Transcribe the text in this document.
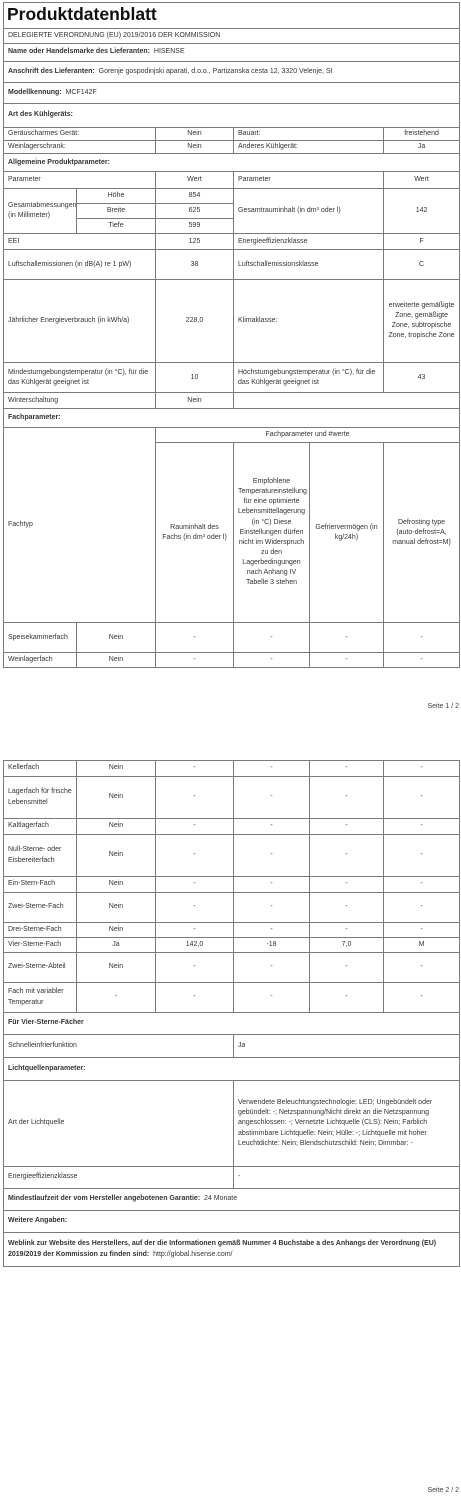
Produktdatenblatt					
DELEGIERTE VERORDNUNG (EU) 2019/2016 DER KOMMISSION					
Name oder Handelsmarke des Lieferanten: HISENSE					
Anschrift des Lieferanten: Gorenje gospodinjski aparati, d.o.o., Partizanska cesta 12, 3320 Velenje, SI					
Modellkennung: MCF142F					
Art des Kühlgeräts:					
Geräuscharmes Gerät:		Nein	Bauart:		freistehend
Weinlagerschrank:		Nein	Anderes Kühlgerät:		Ja
Allgemeine Produktparameter:					
Parameter		Wert	Parameter		Wert
Gesamtabmessungen (in Millimeter)	Höhe	854	Gesamtrauminhalt (in dm³ oder l)		142
	Breite	625			
	Tiefe	599			
EEI		125	Energieeffizienzklasse		F
Luftschallemissionen (in dB(A) re 1 pW)		38	Luftschallemissionsklasse		C
Jährlicher Energieverbrauch (in kWh/a)		228,0	Klimaklasse:		erweiterte gemäßigte Zone, gemäßigte Zone, subtropische Zone, tropische Zone
Mindestumgebungstemperatur (in °C), für die das Kühlgerät geeignet ist		10	Höchstumgebungstemperatur (in °C), für die das Kühlgerät geeignet ist		43
Winterschaltung		Nein			
Fachparameter:					
Fachtyp		Fachparameter und #werte			
		Rauminhalt des Fachs (in dm³ oder l)	Empfohlene Temperatureinstellung für eine optimierte Lebensmittellagerung (in °C) Diese Einstellungen dürfen nicht im Widerspruch zu den Lagerbedingungen nach Anhang IV Tabelle 3 stehen	Gefriervermögen (in kg/24h)	Defrosting type (auto-defrost=A, manual defrost=M)
Speisekammerfach	Nein	-	-	-	-
Weinlagerfach	Nein	-	-	-	-
Seite 1 / 2
Kellerfach	Nein	-	-	-	-
Lagerfach für frische Lebensmittel	Nein	-	-	-	-
Kaltlagerfach	Nein	-	-	-	-
Null-Sterne- oder Eisbereiterfach	Nein	-	-	-	-
Ein-Stern-Fach	Nein	-	-	-	-
Zwei-Sterne-Fach	Nein	-	-	-	-
Drei-Sterne-Fach	Nein	-	-	-	-
Vier-Sterne-Fach	Ja	142,0	-18	7,0	M
Zwei-Sterne-Abteil	Nein	-	-	-	-
Fach mit variabler Temperatur	-	-	-	-	-
Für Vier-Sterne-Fächer					
Schnelleinfrierfunktion			Ja		
Lichtquellenparameter:					
Art der Lichtquelle			Verwendete Beleuchtungstechnologie: LED; Ungebündelt oder gebündelt: -; Netzspannung/Nicht direkt an die Netzspannung angeschlossen: -; Vernetzte Lichtquelle (CLS): Nein; Farblich abstimmbare Lichtquelle: Nein; Hülle: -; Lichtquelle mit hoher Leuchtdichte: Nein; Blendschutzschild: Nein; Dimmbar: -		
Energieeffizienzklasse			-		
Mindestlaufzeit der vom Hersteller angebotenen Garantie: 24 Monate					
Weitere Angaben:					
Weblink zur Website des Herstellers, auf der die Informationen gemäß Nummer 4 Buchstabe a des Anhangs der Verordnung (EU) 2019/2019 der Kommission zu finden sind: http://global.hisense.com/					
Seite 2 / 2
